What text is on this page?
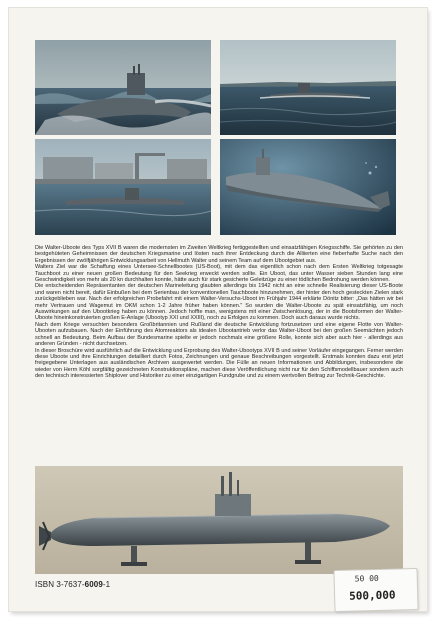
Die Walter-Uboote des Typs XVII B waren die modernsten im Zweiten Weltkrieg fertiggestellten und einsatzfähigen Kriegsschiffe. Sie gehörten zu den bestgehüteten Geheimnissen der deutschen Kriegsmarine und lösten nach ihrer Entdeckung durch die Alliierten eine fieberhafte Suche nach den Ergebnissen der zwölfjährigen Entwicklungsarbeit von Hellmuth Walter und seinem Team auf dem Ubootgebiet aus.

Walters Ziel war die Schaffung eines Untersee-Schnellbootes (US-Boot), mit dem das eigentlich schon nach dem Ersten Weltkrieg totgesagte Tauchboot zu einer neuen großen Bedeutung für den Seekrieg erweckt werden sollte. Ein Uboot, das unter Wasser sieben Stunden lang eine Geschwindigkeit von mehr als 20 kn durchhalten konnte, hätte auch für stark gesicherte Geleitzüge zu einer tödlichen Bedrohung werden können.

Die entscheidenden Repräsentanten der deutschen Marineleitung glaubten allerdings bis 1942 nicht an eine schnelle Realisierung dieser US-Boote und waren nicht bereit, dafür Einbußen bei dem Serienbau der konventionellen Tauchboote hinzunehmen, der hinter den hoch gesteckten Zielen stark zurückgeblieben war. Nach der erfolgreichen Probefahrt mit einem Walter-Versuchs-Uboot im Frühjahr 1944 erklärte Dönitz bitter: „Das hätten wir bei mehr Vertrauen und Wagemut im OKM schon 1-2 Jahre früher haben können." So wurden die Walter-Uboote zu spät einsatzfähig, um noch Auswirkungen auf den Ubootkrieg haben zu können. Jedoch hoffte man, wenigstens mit einer Zwischenlösung, der in die Bootsformen der Walter-Uboote hineinkonstruierten großen E-Anlage (Ubootyp XXI und XXIII), noch zu Erfolgen zu kommen. Doch auch daraus wurde nichts.

Nach dem Kriege versuchten besonders Großbritannien und Rußland die deutsche Entwicklung fortzusetzen und eine eigene Flotte von Walter-Ubooten aufzubauen. Nach der Einführung des Atomreaktors als idealen Ubootantrieb verlor das Walter-Uboot bei den großen Seemächten jedoch schnell an Bedeutung. Beim Aufbau der Bundesmarine spielte er jedoch nochmals eine größere Rolle, konnte sich aber auch hier - allerdings aus anderen Gründen - nicht durchsetzen.

In dieser Broschüre wird ausführlich auf die Entwicklung und Erprobung des Walter-Ubootyps XVII B und seiner Vorläufer eingegangen. Ferner werden diese Uboote und ihre Einrichtungen detailliert durch Fotos, Zeichnungen und genaue Beschreibungen vorgestellt. Erstmals konnten dazu erst jetzt freigegebene Unterlagen aus ausländischen Archiven ausgewertet werden. Die Fülle an neuen Informationen und Abbildungen, insbesondere die wieder von Herrn Köhl sorgfältig gezeichneten Konstruktionspläne, machen diese Veröffentlichung nicht nur für den Schiffsmodellbauer sondern auch den technisch interessierten Shiplover und Historiker zu einer einzigartigen Fundgrube und zu einem wertvollen Beitrag zur Technik-Geschichte.

ISBN 3-7637-6009-1
50 00
500,000
